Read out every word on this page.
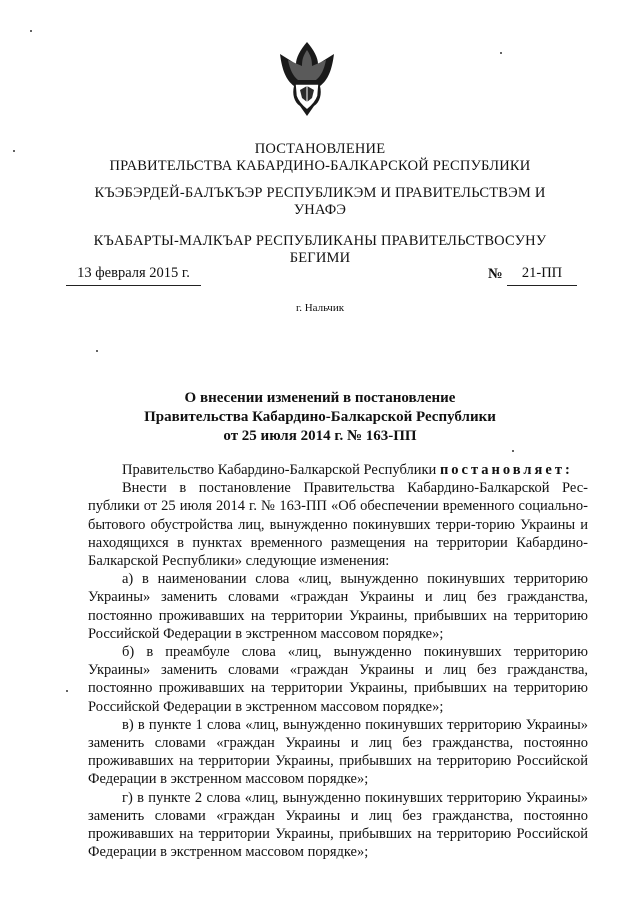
ПОСТАНОВЛЕНИЕ
ПРАВИТЕЛЬСТВА КАБАРДИНО-БАЛКАРСКОЙ РЕСПУБЛИКИ
КЪЭБЭРДЕЙ-БАЛЪКЪЭР РЕСПУБЛИКЭМ И ПРАВИТЕЛЬСТВЭМ И
УНАФЭ
КЪАБАРТЫ-МАЛКЪАР РЕСПУБЛИКАНЫ ПРАВИТЕЛЬСТВОСУНУ
БЕГИМИ
13 февраля 2015 г.	№	21-ПП
г. Нальчик
О внесении изменений в постановление
Правительства Кабардино-Балкарской Республики
от 25 июля 2014 г. № 163-ПП

Правительство Кабардино-Балкарской Республики постановляет:

Внести в постановление Правительства Кабардино-Балкарской Рес-публики от 25 июля 2014 г. № 163-ПП «Об обеспечении временного социально-бытового обустройства лиц, вынужденно покинувших терри-торию Украины и находящихся в пунктах временного размещения на территории Кабардино-Балкарской Республики» следующие изменения:

а) в наименовании слова «лиц, вынужденно покинувших территорию Украины» заменить словами «граждан Украины и лиц без гражданства, постоянно проживавших на территории Украины, прибывших на территорию Российской Федерации в экстренном массовом порядке»;

б) в преамбуле слова «лиц, вынужденно покинувших территорию Украины» заменить словами «граждан Украины и лиц без гражданства, постоянно проживавших на территории Украины, прибывших на территорию Российской Федерации в экстренном массовом порядке»;

в) в пункте 1 слова «лиц, вынужденно покинувших территорию Украины» заменить словами «граждан Украины и лиц без гражданства, постоянно проживавших на территории Украины, прибывших на территорию Российской Федерации в экстренном массовом порядке»;

г) в пункте 2 слова «лиц, вынужденно покинувших территорию Украины» заменить словами «граждан Украины и лиц без гражданства, постоянно проживавших на территории Украины, прибывших на территорию Российской Федерации в экстренном массовом порядке»;
